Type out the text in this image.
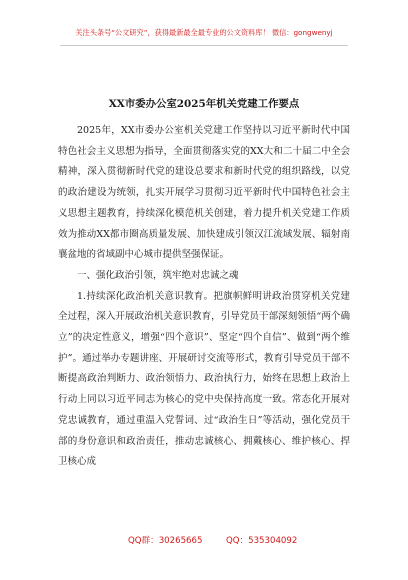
关注头条号“公文研究”，获得最新最全最专业的公文资料库！ 微信：gongwenyj
XX市委办公室2025年机关党建工作要点

2025年，XX市委办公室机关党建工作坚持以习近平新时代中国特色社会主义思想为指导，全面贯彻落实党的XX大和二十届二中全会精神，深入贯彻新时代党的建设总要求和新时代党的组织路线，以党的政治建设为统领，扎实开展学习贯彻习近平新时代中国特色社会主义思想主题教育，持续深化模范机关创建，着力提升机关党建工作质效为推动XX都市圈高质量发展、加快建成引领汉江流域发展、辐射南襄盆地的省域副中心城市提供坚强保证。

一、强化政治引领，筑牢绝对忠诚之魂

1.持续深化政治机关意识教育。把旗帜鲜明讲政治贯穿机关党建全过程，深入开展政治机关意识教育，引导党员干部深刻领悟“两个确立”的决定性意义，增强“四个意识”、坚定“四个自信”、做到“两个维护”。通过举办专题讲座、开展研讨交流等形式，教育引导党员干部不断提高政治判断力、政治领悟力、政治执行力，始终在思想上政治上行动上同以习近平同志为核心的党中央保持高度一致。常态化开展对党忠诚教育，通过重温入党誓词、过“政治生日”等活动，强化党员干部的身份意识和政治责任，推动忠诚核心、拥戴核心、维护核心、捍卫核心成

QQ群：30265665	QQ：535304092
